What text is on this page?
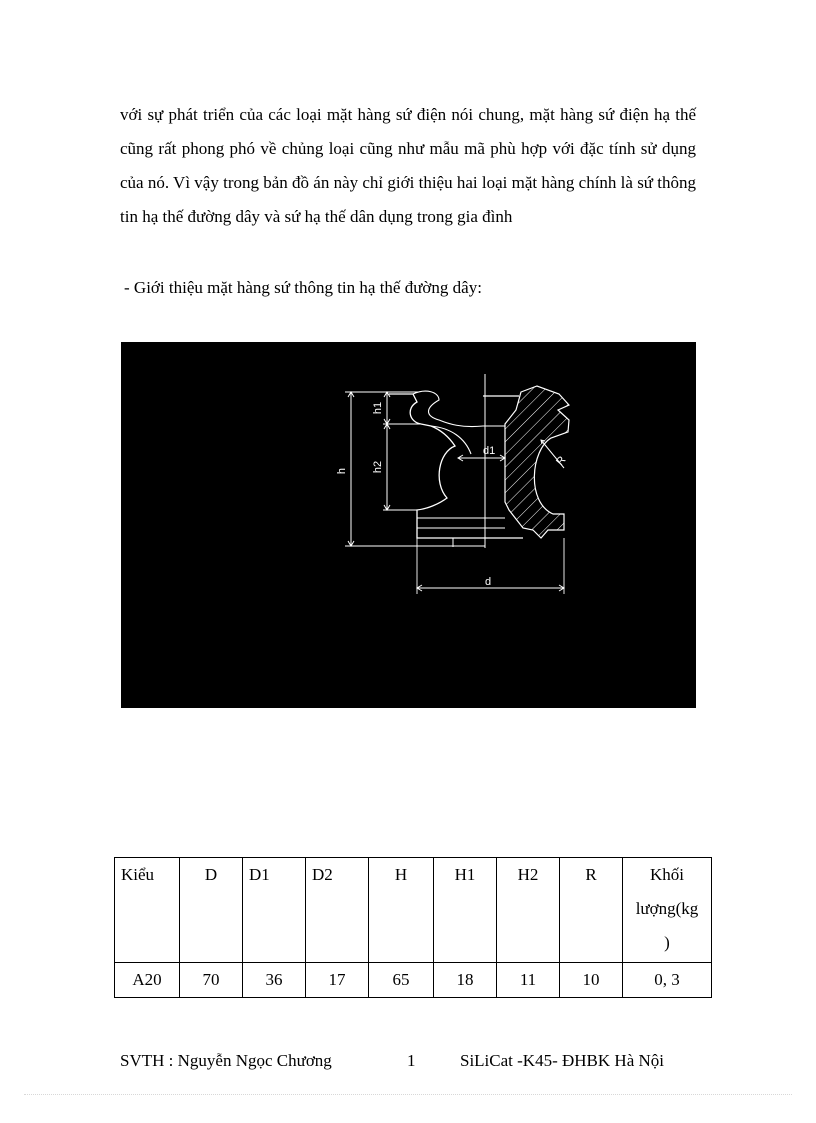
với sự phát triển của các loại mặt hàng sứ điện nói chung, mặt hàng sứ điện hạ thế cũng rất phong phó về chủng loại cũng như mẫu mã phù hợp với đặc tính sử dụng của nó. Vì vậy trong bản đồ án này chỉ giới thiệu hai loại mặt hàng chính là sứ thông tin hạ thế đường dây và sứ hạ thế dân dụng trong gia đình

- Giới thiệu mặt hàng sứ thông tin hạ thế đường dây:

d1
h
h1
h2
d
R
Kiểu	D	D1	D2	H	H1	H2	R	Khối
lượng(kg
)

A20	70	36	17	65	18	11	10	0, 3
SVTH : Nguyễn Ngọc Chương	1	SiLiCat -K45- ĐHBK Hà Nội
